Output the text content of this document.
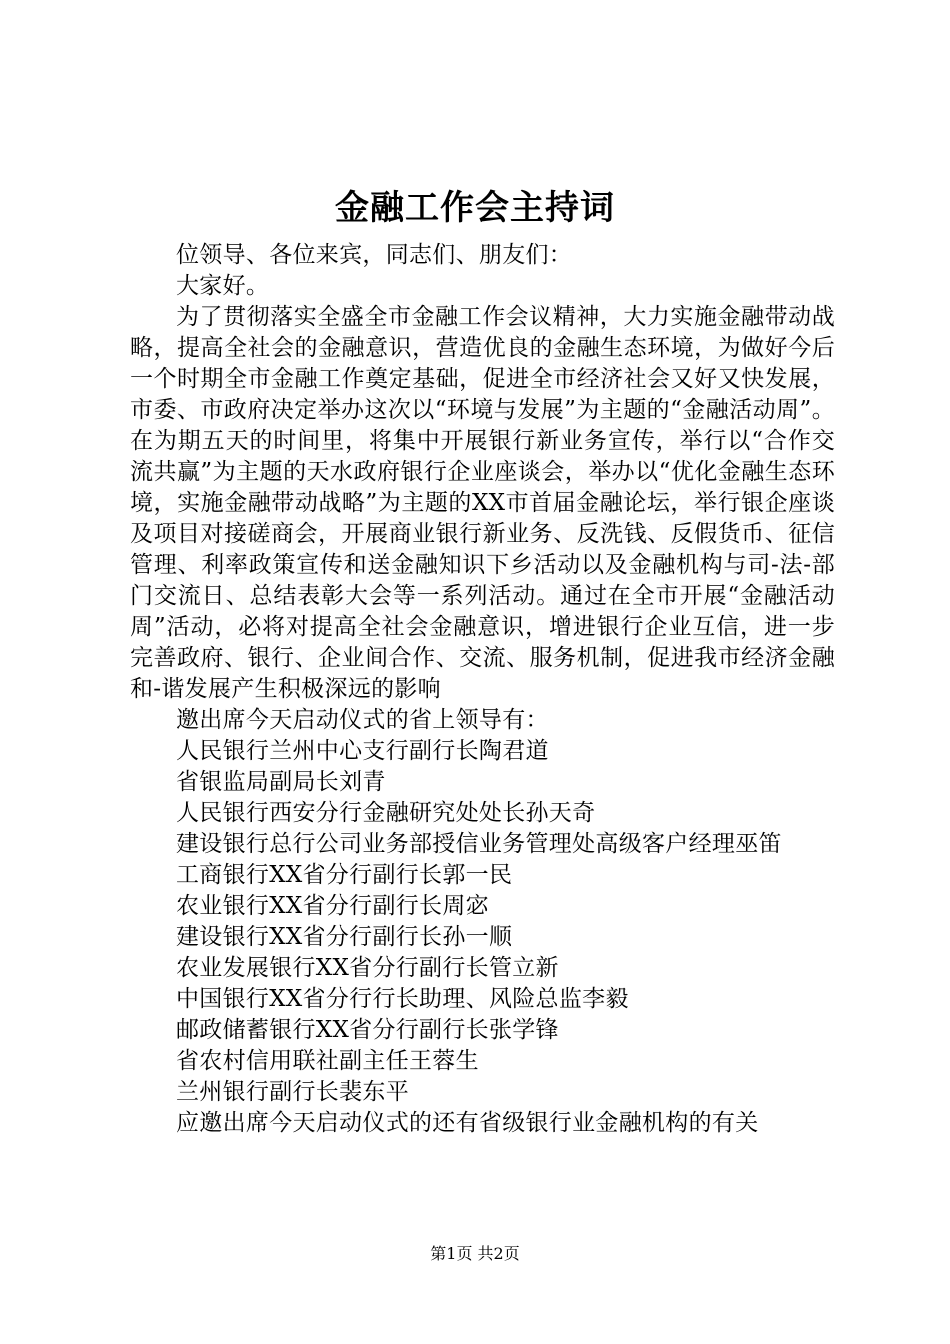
金融工作会主持词

位领导、各位来宾，同志们、朋友们：

大家好。

为了贯彻落实全盛全市金融工作会议精神，大力实施金融带动战略，提高全社会的金融意识，营造优良的金融生态环境，为做好今后一个时期全市金融工作奠定基础，促进全市经济社会又好又快发展，市委、市政府决定举办这次以“环境与发展”为主题的“金融活动周”。在为期五天的时间里，将集中开展银行新业务宣传，举行以“合作交流共赢”为主题的天水政府银行企业座谈会，举办以“优化金融生态环境，实施金融带动战略”为主题的XX市首届金融论坛，举行银企座谈及项目对接磋商会，开展商业银行新业务、反洗钱、反假货币、征信管理、利率政策宣传和送金融知识下乡活动以及金融机构与司-法-部门交流日、总结表彰大会等一系列活动。通过在全市开展“金融活动周”活动，必将对提高全社会金融意识，增进银行企业互信，进一步完善政府、银行、企业间合作、交流、服务机制，促进我市经济金融和-谐发展产生积极深远的影响

邀出席今天启动仪式的省上领导有：

人民银行兰州中心支行副行长陶君道

省银监局副局长刘青

人民银行西安分行金融研究处处长孙天奇

建设银行总行公司业务部授信业务管理处高级客户经理巫笛

工商银行XX省分行副行长郭一民

农业银行XX省分行副行长周宓

建设银行XX省分行副行长孙一顺

农业发展银行XX省分行副行长管立新

中国银行XX省分行行长助理、风险总监李毅

邮政储蓄银行XX省分行副行长张学锋

省农村信用联社副主任王蓉生

兰州银行副行长裴东平

应邀出席今天启动仪式的还有省级银行业金融机构的有关

第1页 共2页
